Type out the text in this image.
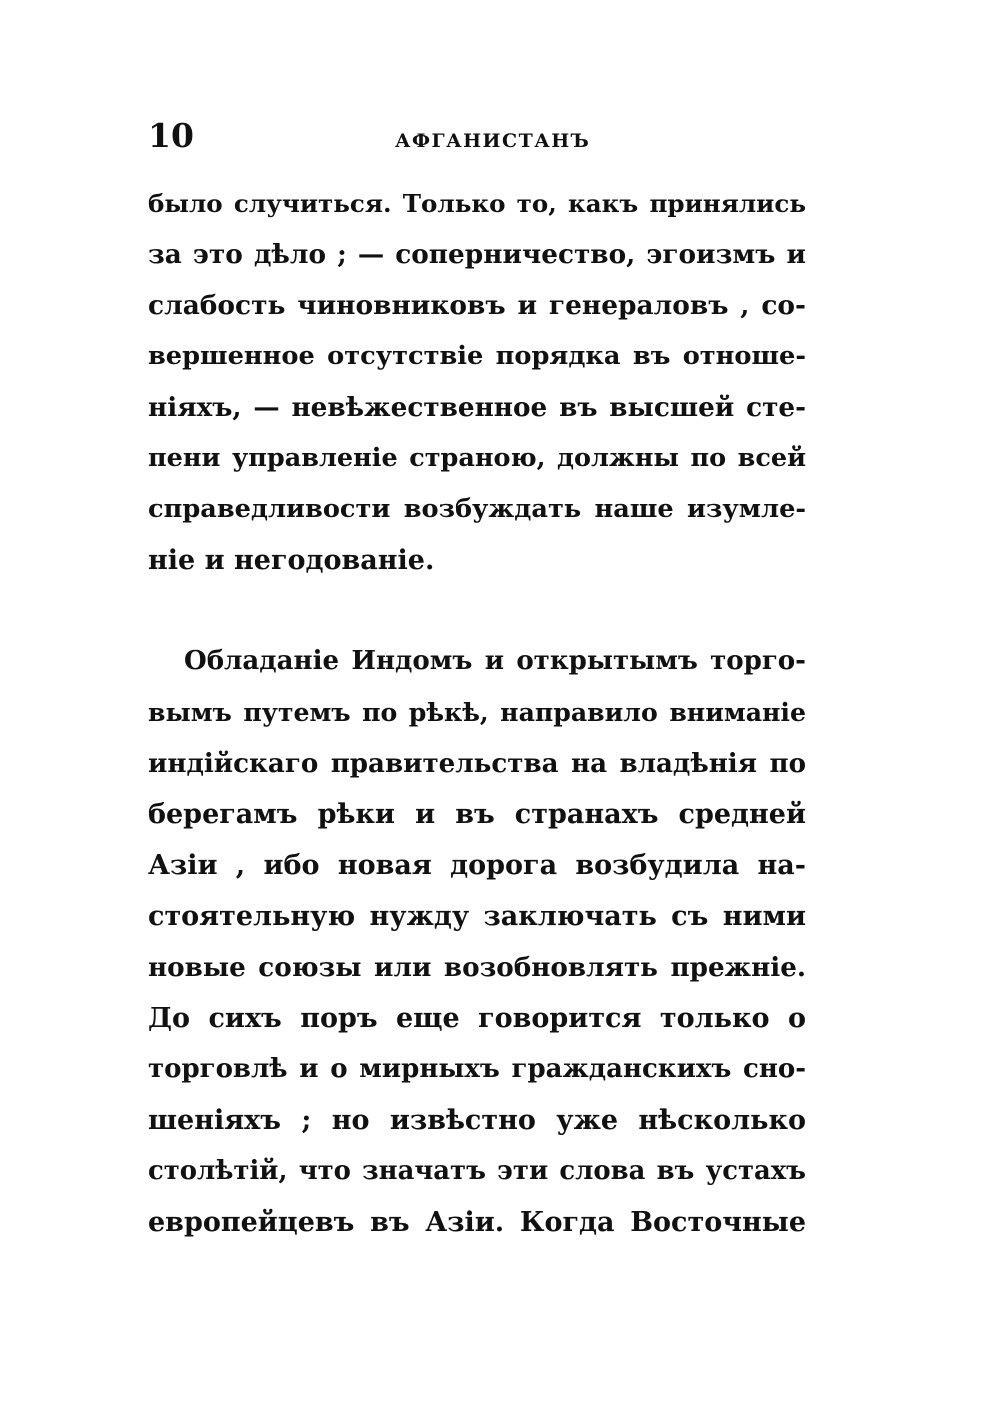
10	АФГАНИСТАНЪ
было случиться. Только то, какъ принялись
за это дѣло ; — соперничество, эгоизмъ и
слабость чиновниковъ и генераловъ , со-
вершенное отсутствіе порядка въ отноше-
ніяхъ, — невѣжественное въ высшей сте-
пени управленіе страною, должны по всей
справедливости возбуждать наше изумле-
ніе и негодованіе.
Обладаніе Индомъ и открытымъ торго-
вымъ путемъ по рѣкѣ, направило вниманіе
индійскаго правительства на владѣнія по
берегамъ рѣки и въ странахъ средней
Азіи , ибо новая дорога возбудила на-
стоятельную нужду заключать съ ними
новые союзы или возобновлять прежніе.
До сихъ поръ еще говорится только о
торговлѣ и о мирныхъ гражданскихъ сно-
шеніяхъ ; но извѣстно уже нѣсколько
столѣтій, что значатъ эти слова въ устахъ
европейцевъ въ Азіи. Когда Восточные
